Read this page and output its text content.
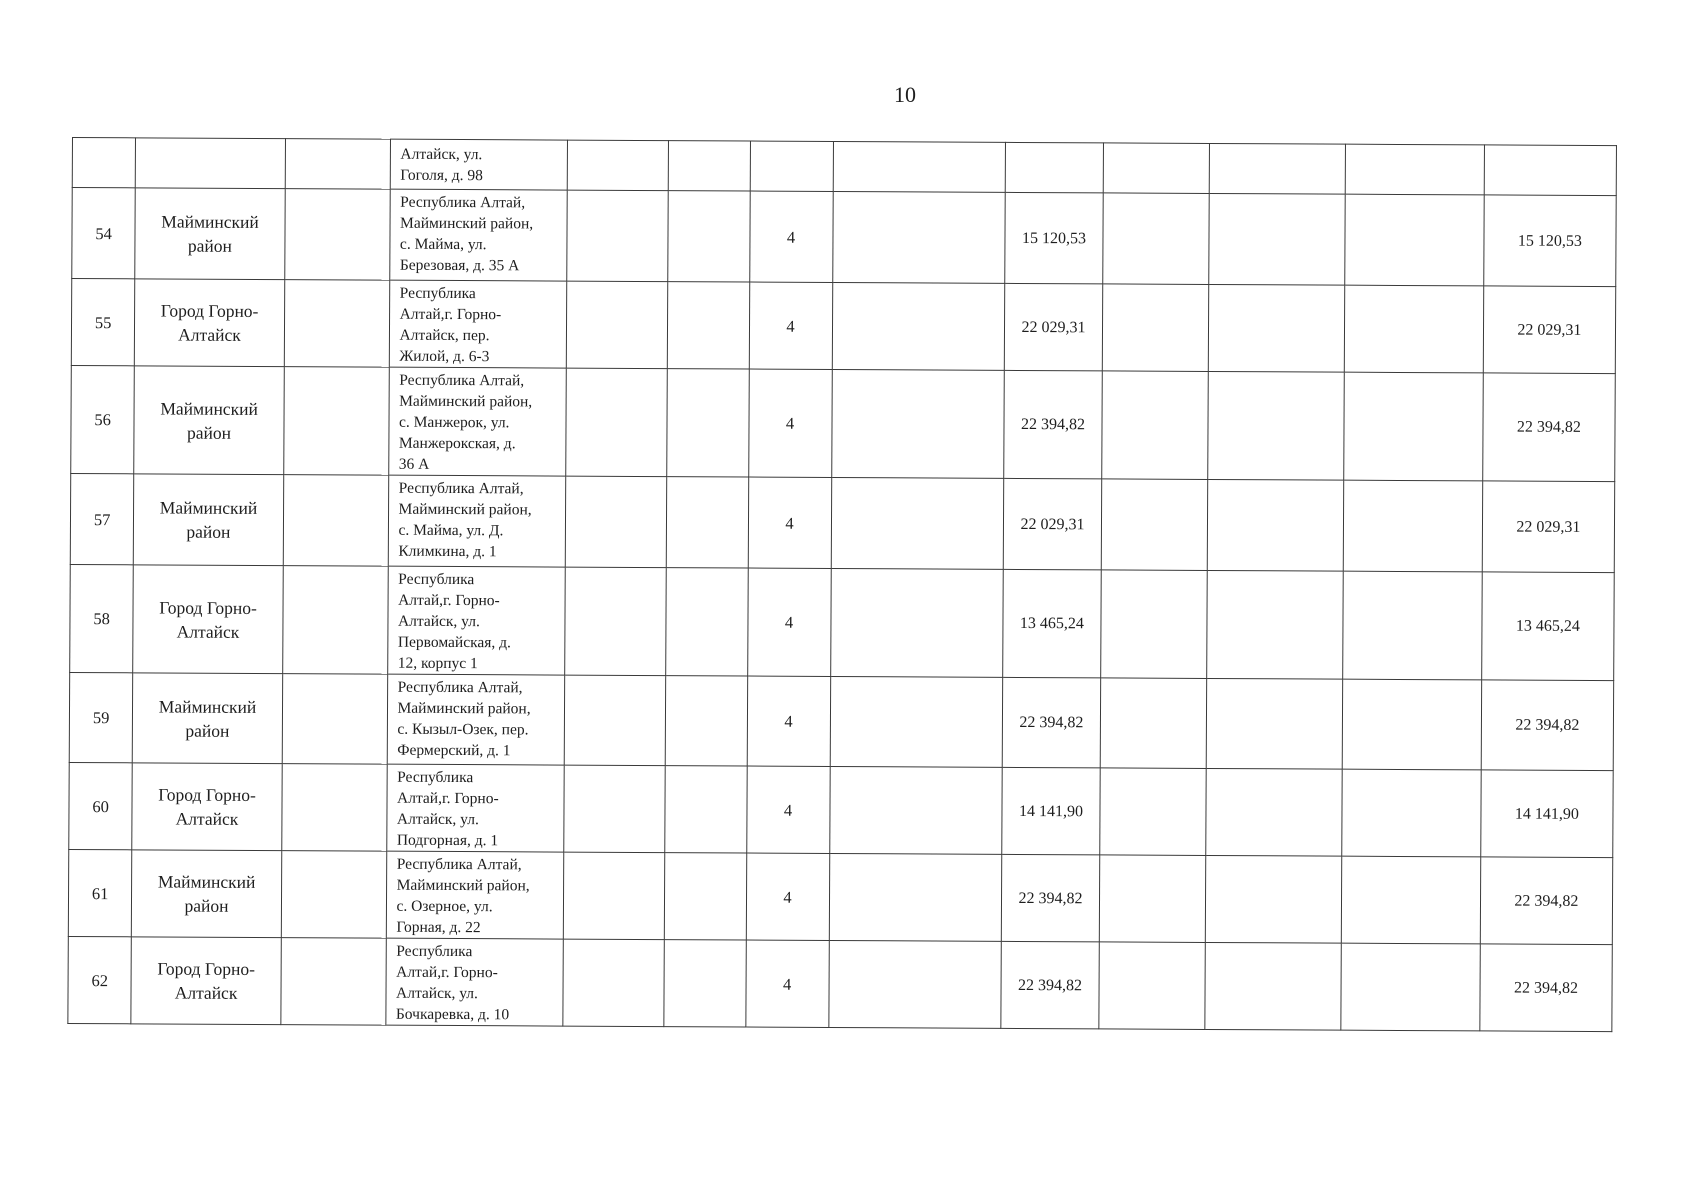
10

			Алтайск, ул.
Гоголя, д. 98									

54	Майминский
район		Республика Алтай,
Майминский район,
с. Майма, ул.
Березовая, д. 35 А			4		15 120,53				15 120,53
55	Город Горно-
Алтайск		Республика
Алтай,г. Горно-
Алтайск, пер.
Жилой, д. 6-3			4		22 029,31				22 029,31
56	Майминский
район		Республика Алтай,
Майминский район,
с. Манжерок, ул.
Манжерокская, д.
36 А			4		22 394,82				22 394,82
57	Майминский
район		Республика Алтай,
Майминский район,
с. Майма, ул. Д.
Климкина, д. 1			4		22 029,31				22 029,31
58	Город Горно-
Алтайск		Республика
Алтай,г. Горно-
Алтайск, ул.
Первомайская, д.
12, корпус 1			4		13 465,24				13 465,24
59	Майминский
район		Республика Алтай,
Майминский район,
с. Кызыл-Озек, пер.
Фермерский, д. 1			4		22 394,82				22 394,82
60	Город Горно-
Алтайск		Республика
Алтай,г. Горно-
Алтайск, ул.
Подгорная, д. 1			4		14 141,90				14 141,90
61	Майминский
район		Республика Алтай,
Майминский район,
с. Озерное, ул.
Горная, д. 22			4		22 394,82				22 394,82
62	Город Горно-
Алтайск		Республика
Алтай,г. Горно-
Алтайск, ул.
Бочкаревка, д. 10			4		22 394,82				22 394,82
